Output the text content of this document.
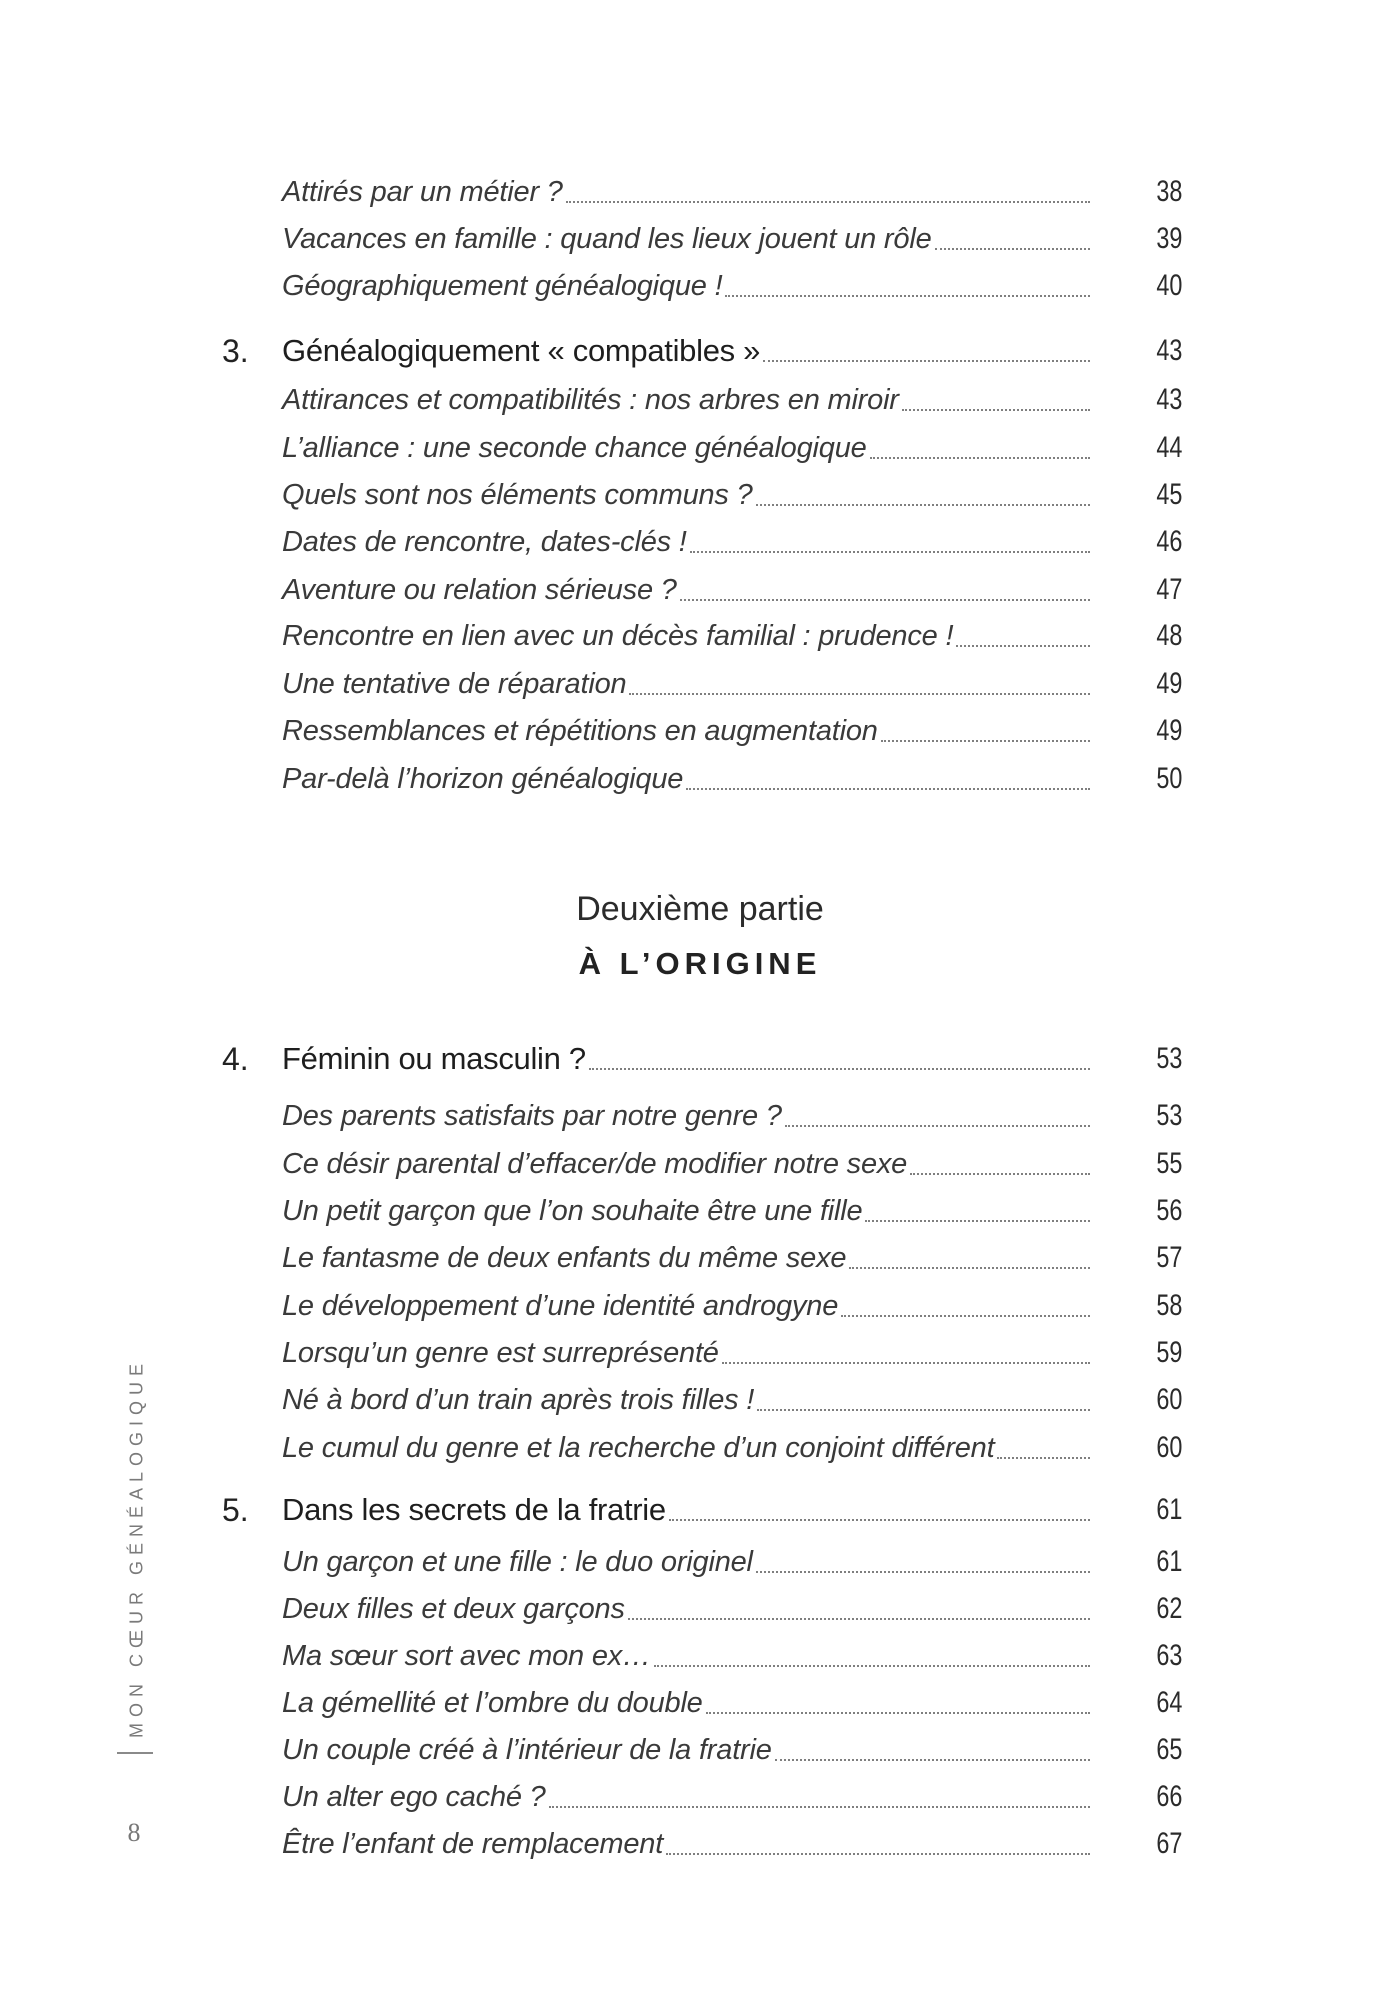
Attirés par un métier ?	38
Vacances en famille : quand les lieux jouent un rôle	39
Géographiquement généalogique !	40
3. Généalogiquement « compatibles »	43
Attirances et compatibilités : nos arbres en miroir	43
L’alliance : une seconde chance généalogique	44
Quels sont nos éléments communs ?	45
Dates de rencontre, dates-clés !	46
Aventure ou relation sérieuse ?	47
Rencontre en lien avec un décès familial : prudence !	48
Une tentative de réparation	49
Ressemblances et répétitions en augmentation	49
Par-delà l’horizon généalogique	50
Deuxième partie
À L’ORIGINE
4. Féminin ou masculin ?	53
Des parents satisfaits par notre genre ?	53
Ce désir parental d’effacer/de modifier notre sexe	55
Un petit garçon que l’on souhaite être une fille	56
Le fantasme de deux enfants du même sexe	57
Le développement d’une identité androgyne	58
Lorsqu’un genre est surreprésenté	59
Né à bord d’un train après trois filles !	60
Le cumul du genre et la recherche d’un conjoint différent	60
5. Dans les secrets de la fratrie	61
Un garçon et une fille : le duo originel	61
Deux filles et deux garçons	62
Ma sœur sort avec mon ex…	63
La gémellité et l’ombre du double	64
Un couple créé à l’intérieur de la fratrie	65
Un alter ego caché ?	66
Être l’enfant de remplacement	67
MON CŒUR GÉNÉALOGIQUE
8
